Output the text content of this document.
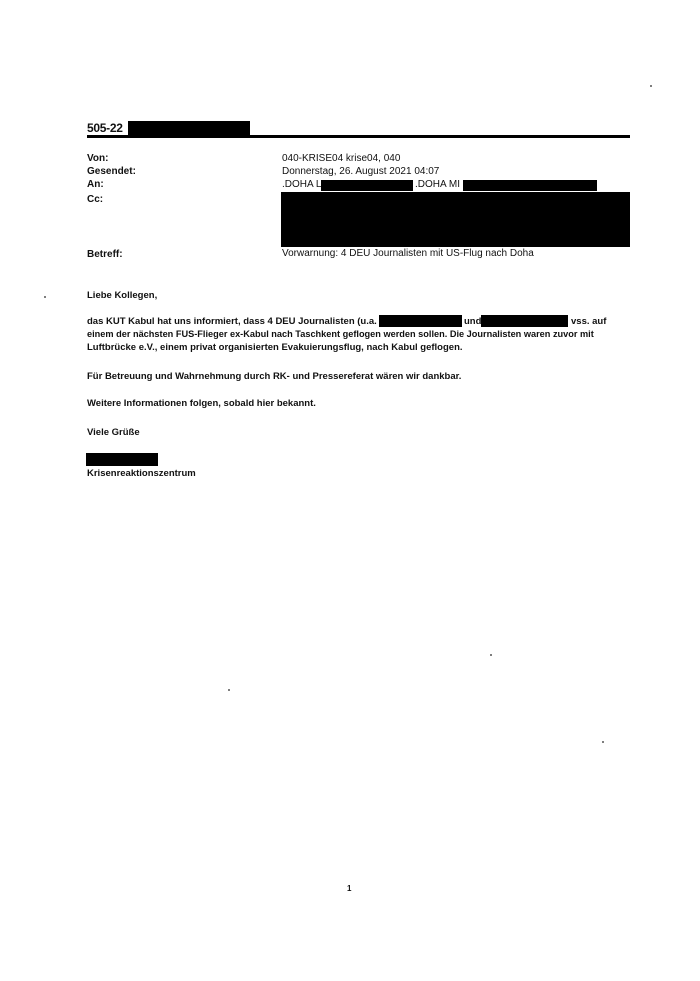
505-22
Von:	040-KRISE04 krise04, 040
Gesendet:	Donnerstag, 26. August 2021 04:07
An:	.DOHA L	.DOHA MI
Cc:
Betreff:	Vorwarnung: 4 DEU Journalisten mit US-Flug nach Doha
Liebe Kollegen,
das KUT Kabul hat uns informiert, dass 4 DEU Journalisten (u.a.	und	vss. auf
einem der nächsten FUS-Flieger ex-Kabul nach Taschkent geflogen werden sollen. Die Journalisten waren zuvor mit
Luftbrücke e.V., einem privat organisierten Evakuierungsflug, nach Kabul geflogen.
Für Betreuung und Wahrnehmung durch RK- und Pressereferat wären wir dankbar.
Weitere Informationen folgen, sobald hier bekannt.
Viele Grüße
Krisenreaktionszentrum
1
